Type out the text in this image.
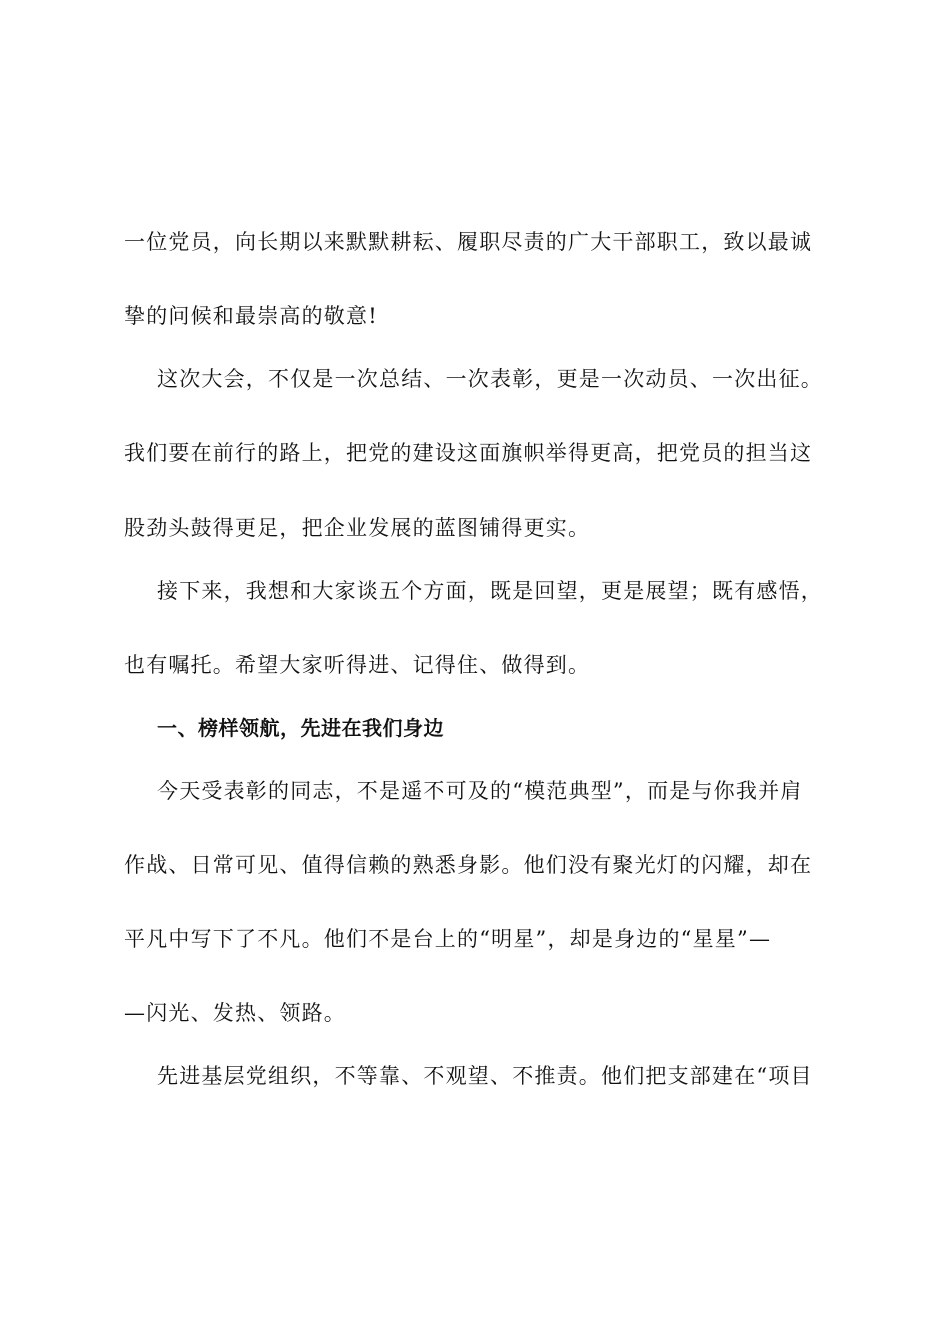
一位党员，向长期以来默默耕耘、履职尽责的广大干部职工，致以最诚
挚的问候和最崇高的敬意!
这次大会，不仅是一次总结、一次表彰，更是一次动员、一次出征。
我们要在前行的路上，把党的建设这面旗帜举得更高，把党员的担当这
股劲头鼓得更足，把企业发展的蓝图铺得更实。
接下来，我想和大家谈五个方面，既是回望，更是展望；既有感悟，
也有嘱托。希望大家听得进、记得住、做得到。
一、榜样领航，先进在我们身边
今天受表彰的同志，不是遥不可及的“模范典型”，而是与你我并肩
作战、日常可见、值得信赖的熟悉身影。他们没有聚光灯的闪耀，却在
平凡中写下了不凡。他们不是台上的“明星”，却是身边的“星星”—
—闪光、发热、领路。
先进基层党组织，不等靠、不观望、不推责。他们把支部建在“项目
